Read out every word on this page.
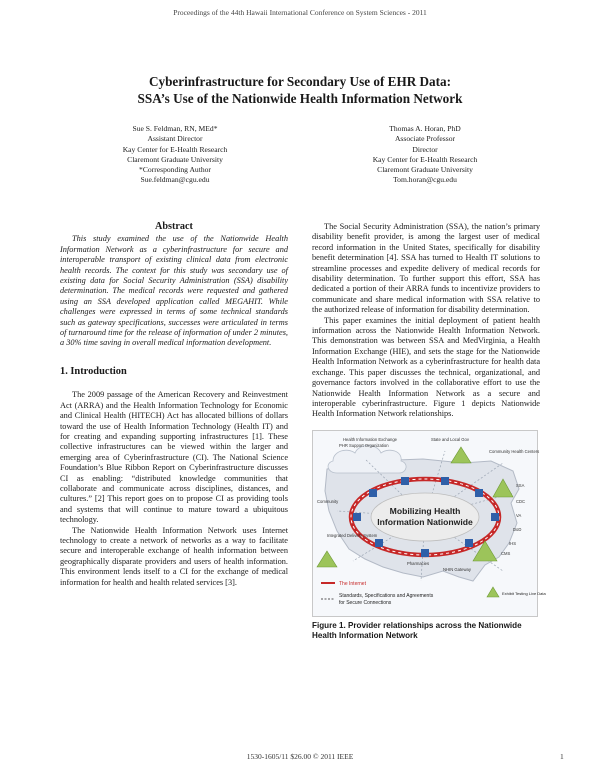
Proceedings of the 44th Hawaii International Conference on System Sciences - 2011
Cyberinfrastructure for Secondary Use of EHR Data:
SSA’s Use of the Nationwide Health Information Network
Sue S. Feldman, RN, MEd*
Assistant Director
Kay Center for E-Health Research
Claremont Graduate University
*Corresponding Author
Sue.feldman@cgu.edu
Thomas A. Horan, PhD
Associate Professor
Director
Kay Center for E-Health Research
Claremont Graduate University
Tom.horan@cgu.edu
Abstract

This study examined the use of the Nationwide Health Information Network as a cyberinfrastructure for secure and interoperable transport of existing clinical data from electronic health records. The context for this study was secondary use of existing data for Social Security Administration (SSA) disability determination. The medical records were requested and gathered using an SSA developed application called MEGAHIT. While challenges were expressed in terms of some technical standards such as gateway specifications, successes were articulated in terms of turnaround time for the release of information of under 2 minutes, a 30% time saving in overall medical information development.

1. Introduction

The 2009 passage of the American Recovery and Reinvestment Act (ARRA) and the Health Information Technology for Economic and Clinical Health (HITECH) Act has allocated billions of dollars toward the use of Health Information Technology (Health IT) and for creating and expanding supporting infrastructures [1]. These collective infrastructures can be viewed within the larger and emerging area of Cyberinfrastructure (CI). The National Science Foundation’s Blue Ribbon Report on Cyberinfrastructure discusses CI as enabling: “distributed knowledge communities that collaborate and communicate across disciplines, distances, and cultures.” [2] This report goes on to propose CI as providing tools and systems that will continue to mature toward a ubiquitous technology.

The Nationwide Health Information Network uses Internet technology to create a network of networks as a way to facilitate secure and interoperable exchange of health information between geographically disparate providers and users of health information. This environment lends itself to a CI for the exchange of medical information for health and health related services [3].

The Social Security Administration (SSA), the nation’s primary disability benefit provider, is among the largest user of medical record information in the United States, specifically for disability benefit determination [4]. SSA has turned to Health IT solutions to streamline processes and expedite delivery of medical records for disability determination. To further support this effort, SSA has dedicated a portion of their ARRA funds to incentivize providers to communicate and share medical information with SSA relative to the authorized release of information for disability determination.

This paper examines the initial deployment of patient health information across the Nationwide Health Information Network. This demonstration was between SSA and MedVirginia, a Health Information Exchange (HIE), and sets the stage for the Nationwide Health Information Network as a cyberinfrastructure for health data exchange. This paper discusses the technical, organizational, and governance factors involved in the collaborative effort to use the Nationwide Health Information Network as a secure and interoperable cyberinfrastructure. Figure 1 depicts Nationwide Health Information Network relationships.

Mobilizing Health
Information Nationwide
Health Information Exchange
PHR Support Organization
State and Local Gov
Community Health Centers
Community
SSA
CDC
VA
DoD
IHS
CMS
Integrated Delivery System
Pharmacies
NHIN Gateway
The Internet
Standards, Specifications and Agreements
for Secure Connections
Exhibit Testing Live Data
Figure 1. Provider relationships across the Nationwide Health Information Network
1530-1605/11 $26.00 © 2011 IEEE	1
